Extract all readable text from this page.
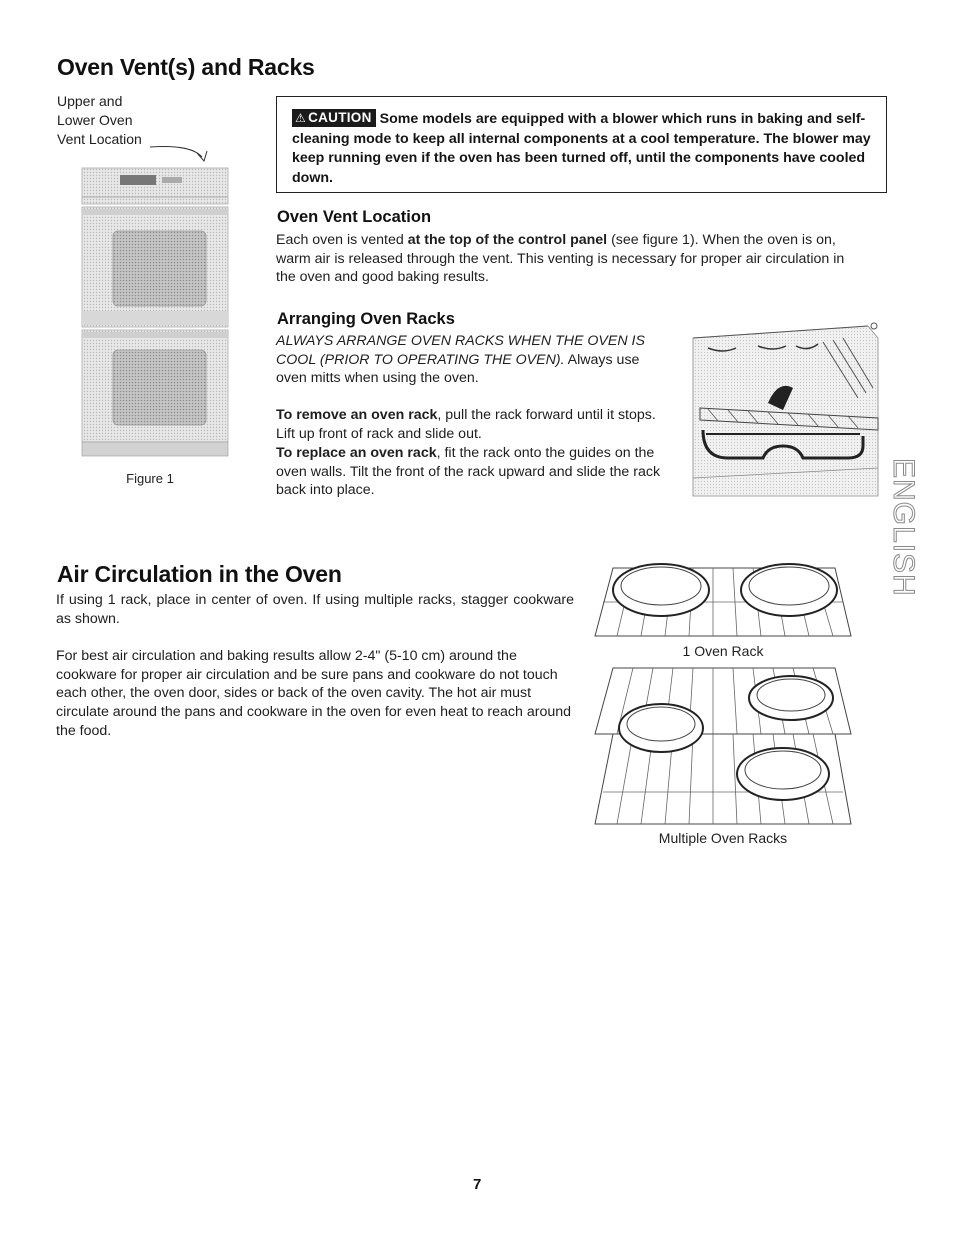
Oven Vent(s) and Racks
Upper and
Lower Oven
Vent Location
Figure 1
⚠ CAUTION Some models are equipped with a blower which runs in baking and self-cleaning mode to keep all internal components at a cool temperature. The blower may keep running even if the oven has been turned off, until the components have cooled down.
Oven Vent Location
Each oven is vented at the top of the control panel (see figure 1). When the oven is on, warm air is released through the vent. This venting is necessary for proper air circulation in the oven and good baking results.
Arranging Oven Racks
ALWAYS ARRANGE OVEN RACKS WHEN THE OVEN IS COOL (PRIOR TO OPERATING THE OVEN). Always use oven mitts when using the oven.
To remove an oven rack, pull the rack forward until it stops. Lift up front of rack and slide out.
To replace an oven rack, fit the rack onto the guides on the oven walls. Tilt the front of the rack upward and slide the rack back into place.	ENGLISH
Air Circulation in the Oven
If using 1 rack, place in center of oven. If using multiple racks, stagger cookware as shown.
For best air circulation and baking results allow 2-4" (5-10 cm) around the cookware for proper air circulation and be sure pans and cookware do not touch each other, the oven door, sides or back of the oven cavity. The hot air must circulate around the pans and cookware in the oven for even heat to reach around the food.
1 Oven Rack
Multiple Oven Racks
7
